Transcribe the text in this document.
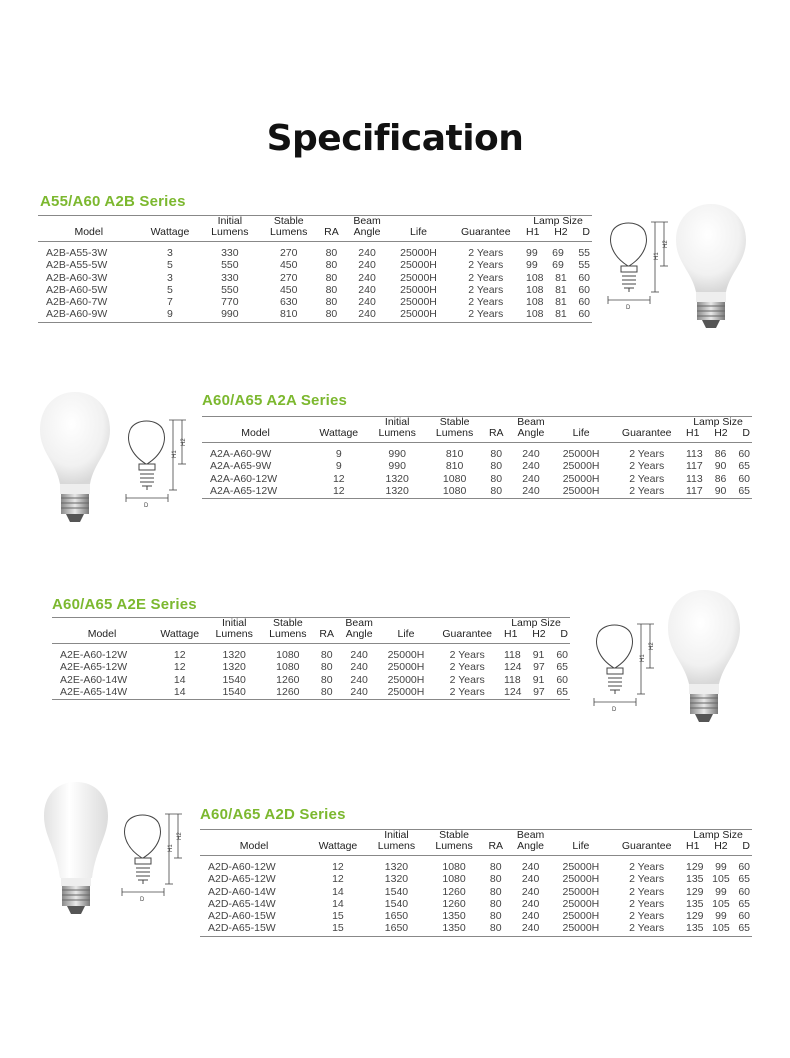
Specification
A55/A60 A2B Series
Model	Wattage	Initial
Lumens	Stable
Lumens	RA	Beam
Angle	Life	Guarantee	Lamp Size
H1 H2 D

A2B-A55-3W	3	330	270	80	240	25000H	2 Years	99 69 55

A2B-A55-5W	5	550	450	80	240	25000H	2 Years	99 69 55

A2B-A60-3W	3	330	270	80	240	25000H	2 Years	108 81 60

A2B-A60-5W	5	550	450	80	240	25000H	2 Years	108 81 60

A2B-A60-7W	7	770	630	80	240	25000H	2 Years	108 81 60

A2B-A60-9W	9	990	810	80	240	25000H	2 Years	108 81 60
D
H1
H2
D
H1
H2
A60/A65 A2A Series
Model	Wattage	Initial
Lumens	Stable
Lumens	RA	Beam
Angle	Life	Guarantee	Lamp Size
H1 H2 D

A2A-A60-9W	9	990	810	80	240	25000H	2 Years	113 86 60

A2A-A65-9W	9	990	810	80	240	25000H	2 Years	117 90 65

A2A-A60-12W	12	1320	1080	80	240	25000H	2 Years	113 86 60

A2A-A65-12W	12	1320	1080	80	240	25000H	2 Years	117 90 65
A60/A65 A2E Series
Model	Wattage	Initial
Lumens	Stable
Lumens	RA	Beam
Angle	Life	Guarantee	Lamp Size
H1 H2 D

A2E-A60-12W	12	1320	1080	80	240	25000H	2 Years	118 91 60

A2E-A65-12W	12	1320	1080	80	240	25000H	2 Years	124 97 65

A2E-A60-14W	14	1540	1260	80	240	25000H	2 Years	118 91 60

A2E-A65-14W	14	1540	1260	80	240	25000H	2 Years	124 97 65
D
H1
H2
D
H1
H2
A60/A65 A2D Series
Model	Wattage	Initial
Lumens	Stable
Lumens	RA	Beam
Angle	Life	Guarantee	Lamp Size
H1 H2 D

A2D-A60-12W	12	1320	1080	80	240	25000H	2 Years	129 99 60

A2D-A65-12W	12	1320	1080	80	240	25000H	2 Years	135 105 65

A2D-A60-14W	14	1540	1260	80	240	25000H	2 Years	129 99 60

A2D-A65-14W	14	1540	1260	80	240	25000H	2 Years	135 105 65

A2D-A60-15W	15	1650	1350	80	240	25000H	2 Years	129 99 60

A2D-A65-15W	15	1650	1350	80	240	25000H	2 Years	135 105 65
